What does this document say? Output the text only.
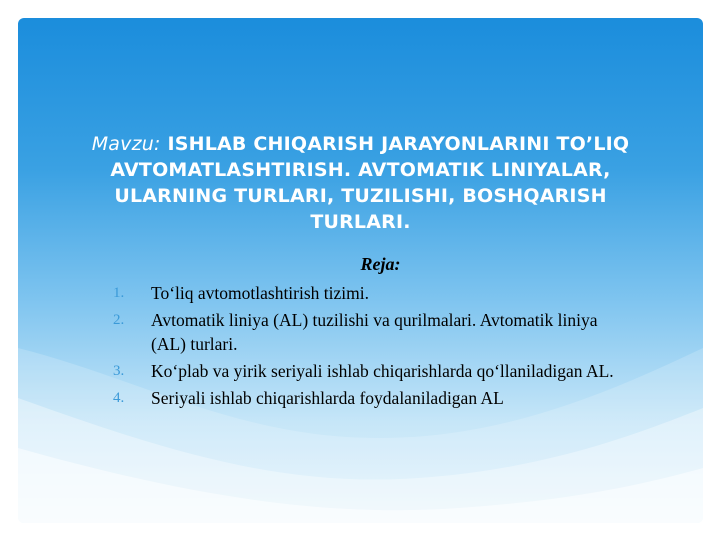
Mavzu: ISHLAB CHIQARISH JARAYONLARINI TO’LIQ AVTOMATLASHTIRISH. AVTOMATIK LINIYALAR, ULARNING TURLARI, TUZILISHI, BOSHQARISH TURLARI.
Reja:
1.	To‘liq avtomotlashtirish tizimi.
2.	Avtomatik liniya (AL) tuzilishi va qurilmalari. Avtomatik liniya (AL) turlari.
3.	Ko‘plab va yirik seriyali ishlab chiqarishlarda qo‘llaniladigan AL.
4.	Seriyali ishlab chiqarishlarda foydalaniladigan AL
